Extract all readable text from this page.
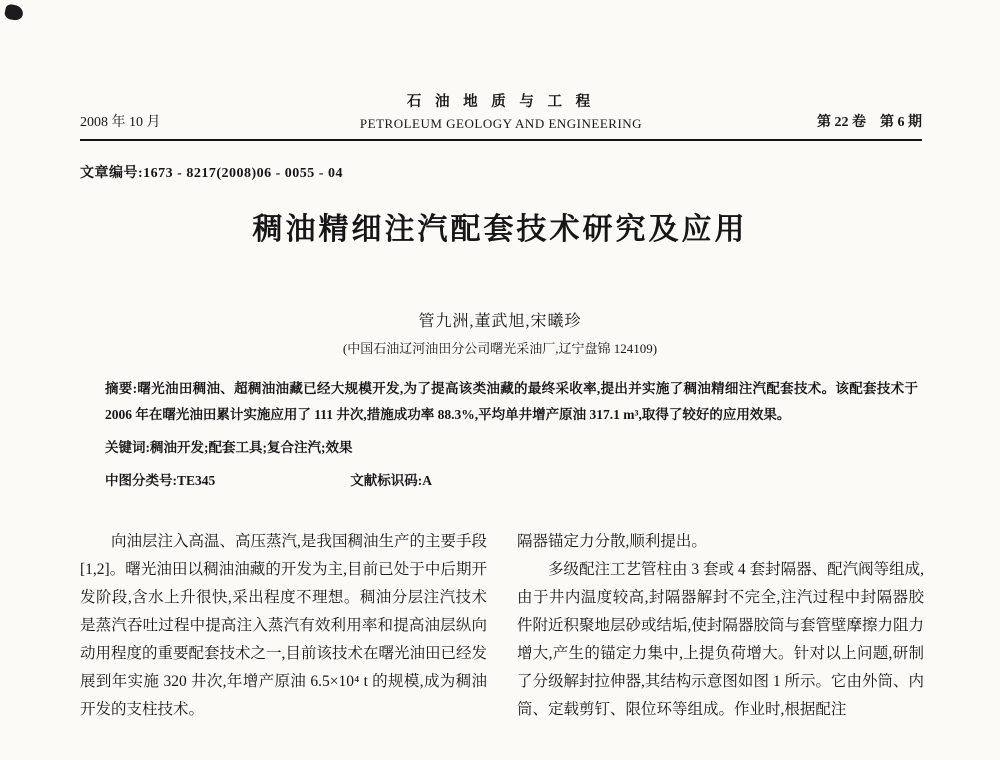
2008 年 10 月
石 油 地 质 与 工 程
PETROLEUM GEOLOGY AND ENGINEERING	第 22 卷　第 6 期
文章编号:1673 - 8217(2008)06 - 0055 - 04
稠油精细注汽配套技术研究及应用
管九洲,董武旭,宋曦珍
(中国石油辽河油田分公司曙光采油厂,辽宁盘锦 124109)

摘要:曙光油田稠油、超稠油油藏已经大规模开发,为了提高该类油藏的最终采收率,提出并实施了稠油精细注汽配套技术。该配套技术于 2006 年在曙光油田累计实施应用了 111 井次,措施成功率 88.3%,平均单井增产原油 317.1 m³,取得了较好的应用效果。

关键词:稠油开发;配套工具;复合注汽;效果

中图分类号:TE345	文献标识码:A

向油层注入高温、高压蒸汽,是我国稠油生产的主要手段[1,2]。曙光油田以稠油油藏的开发为主,目前已处于中后期开发阶段,含水上升很快,采出程度不理想。稠油分层注汽技术是蒸汽吞吐过程中提高注入蒸汽有效利用率和提高油层纵向动用程度的重要配套技术之一,目前该技术在曙光油田已经发展到年实施 320 井次,年增产原油 6.5×10⁴ t 的规模,成为稠油开发的支柱技术。

隔器锚定力分散,顺利提出。

多级配注工艺管柱由 3 套或 4 套封隔器、配汽阀等组成,由于井内温度较高,封隔器解封不完全,注汽过程中封隔器胶件附近积聚地层砂或结垢,使封隔器胶筒与套管壁摩擦力阻力增大,产生的锚定力集中,上提负荷增大。针对以上问题,研制了分级解封拉伸器,其结构示意图如图 1 所示。它由外筒、内筒、定载剪钉、限位环等组成。作业时,根据配注
